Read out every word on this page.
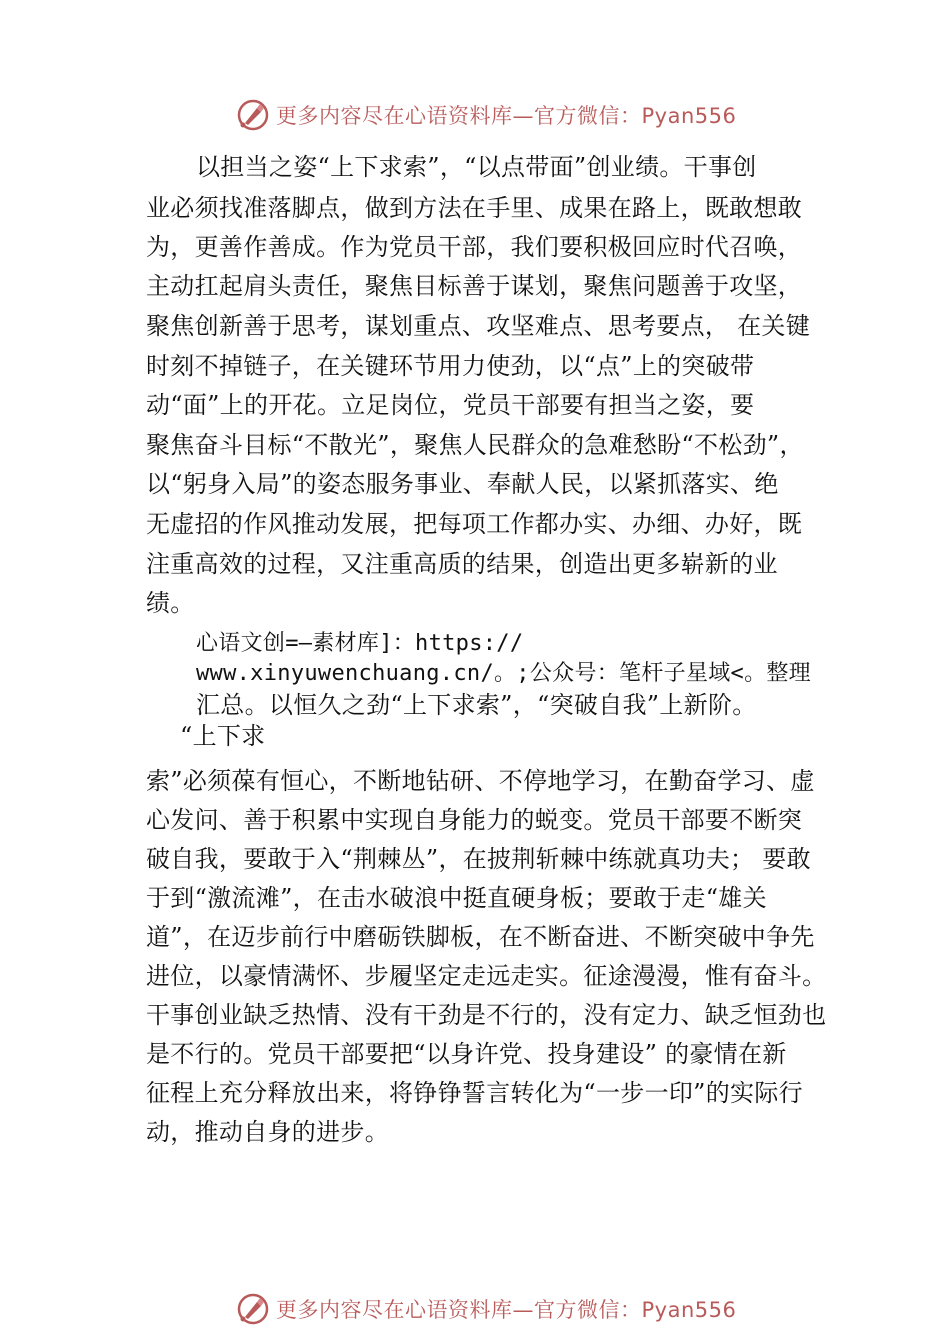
更多内容尽在心语资料库—官方微信：Pyan556
以担当之姿“上下求索”，“以点带面”创业绩。干事创
业必须找准落脚点，做到方法在手里、成果在路上，既敢想敢
为，更善作善成。作为党员干部，我们要积极回应时代召唤，
主动扛起肩头责任，聚焦目标善于谋划，聚焦问题善于攻坚，
聚焦创新善于思考，谋划重点、攻坚难点、思考要点， 在关键
时刻不掉链子，在关键环节用力使劲，以“点”上的突破带
动“面”上的开花。立足岗位，党员干部要有担当之姿，要
聚焦奋斗目标“不散光”，聚焦人民群众的急难愁盼“不松劲”，
以“躬身入局”的姿态服务事业、奉献人民，以紧抓落实、绝
无虚招的作风推动发展，把每项工作都办实、办细、办好，既
注重高效的过程，又注重高质的结果，创造出更多崭新的业
绩。
心语文创=—素材库]：https://
www.xinyuwenchuang.cn/。;公众号：笔杆子星域<。整理
汇总。以恒久之劲“上下求索”，“突破自我”上新阶。
“上下求
索”必须葆有恒心，不断地钻研、不停地学习，在勤奋学习、虚
心发问、善于积累中实现自身能力的蜕变。党员干部要不断突
破自我，要敢于入“荆棘丛”，在披荆斩棘中练就真功夫； 要敢
于到“激流滩”，在击水破浪中挺直硬身板；要敢于走“雄关
道”，在迈步前行中磨砺铁脚板，在不断奋进、不断突破中争先
进位，以豪情满怀、步履坚定走远走实。征途漫漫，惟有奋斗。
干事创业缺乏热情、没有干劲是不行的，没有定力、缺乏恒劲也
是不行的。党员干部要把“以身许党、投身建设” 的豪情在新
征程上充分释放出来，将铮铮誓言转化为“一步一印”的实际行
动，推动自身的进步。
更多内容尽在心语资料库—官方微信：Pyan556
